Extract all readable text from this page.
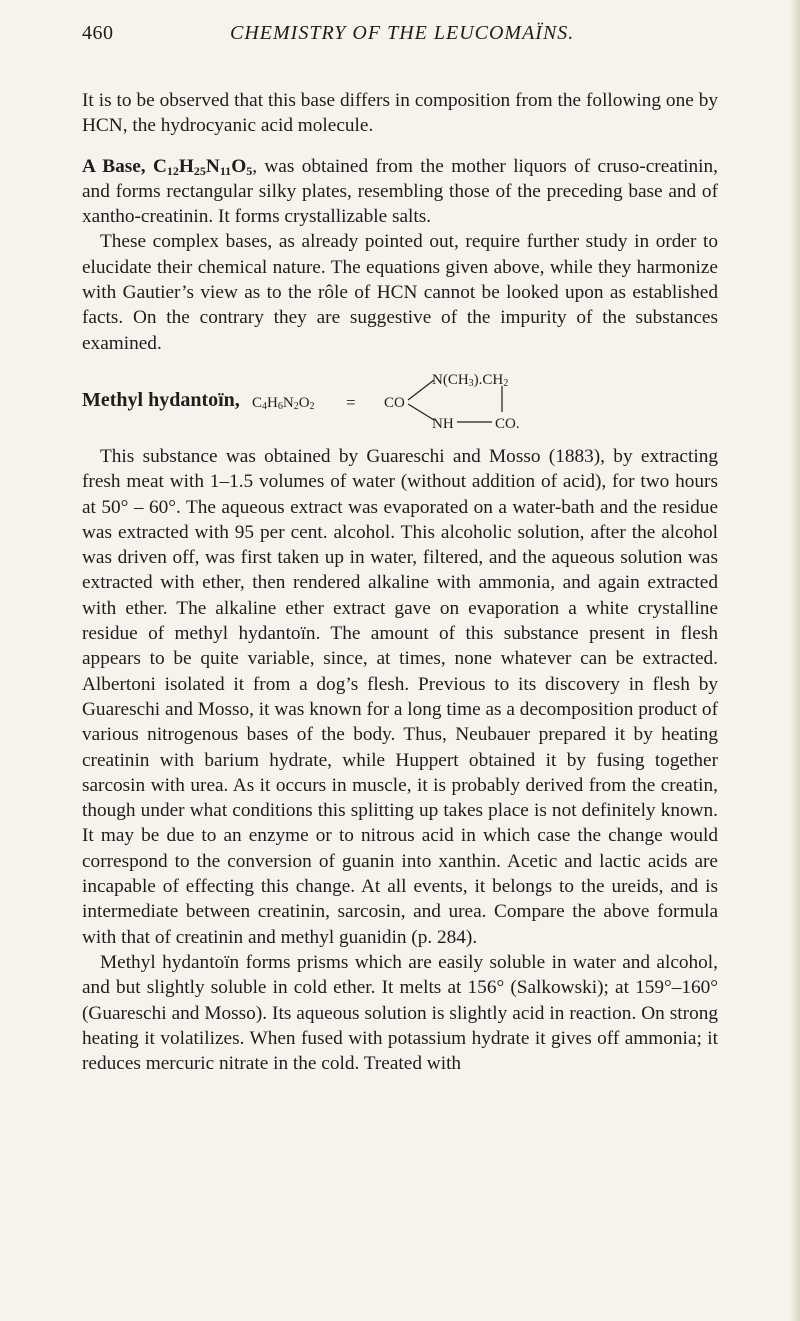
460	CHEMISTRY OF THE LEUCOMAÏNS.

It is to be observed that this base differs in composition from the following one by HCN, the hydrocyanic acid molecule.

A Base, $C_{12}H_{25}N_{11}O_5$, was obtained from the mother liquors of cruso-creatinin, and forms rectangular silky plates, resembling those of the preceding base and of xantho-creatinin. It forms crystallizable salts.

These complex bases, as already pointed out, require further study in order to elucidate their chemical nature. The equations given above, while they harmonize with Gautier’s view as to the rôle of HCN cannot be looked upon as established facts. On the contrary they are suggestive of the impurity of the substances examined.

Methyl hydantoïn, $C_4H_6N_2O_2$ = CO
$N(CH_3).CH_2$
NH	CO.

This substance was obtained by Guareschi and Mosso (1883), by extracting fresh meat with 1–1.5 volumes of water (without addition of acid), for two hours at 50° – 60°. The aqueous extract was evaporated on a water-bath and the residue was extracted with 95 per cent. alcohol. This alcoholic solution, after the alcohol was driven off, was first taken up in water, filtered, and the aqueous solution was extracted with ether, then rendered alkaline with ammonia, and again extracted with ether. The alkaline ether extract gave on evaporation a white crystalline residue of methyl hydantoïn. The amount of this substance present in flesh appears to be quite variable, since, at times, none whatever can be extracted. Albertoni isolated it from a dog’s flesh. Previous to its discovery in flesh by Guareschi and Mosso, it was known for a long time as a decomposition product of various nitrogenous bases of the body. Thus, Neubauer prepared it by heating creatinin with barium hydrate, while Huppert obtained it by fusing together sarcosin with urea. As it occurs in muscle, it is probably derived from the creatin, though under what conditions this splitting up takes place is not definitely known. It may be due to an enzyme or to nitrous acid in which case the change would correspond to the conversion of guanin into xanthin. Acetic and lactic acids are incapable of effecting this change. At all events, it belongs to the ureids, and is intermediate between creatinin, sarcosin, and urea. Compare the above formula with that of creatinin and methyl guanidin (p. 284).

Methyl hydantoïn forms prisms which are easily soluble in water and alcohol, and but slightly soluble in cold ether. It melts at 156° (Salkowski); at 159°–160° (Guareschi and Mosso). Its aqueous solution is slightly acid in reaction. On strong heating it volatilizes. When fused with potassium hydrate it gives off ammonia; it reduces mercuric nitrate in the cold. Treated with
